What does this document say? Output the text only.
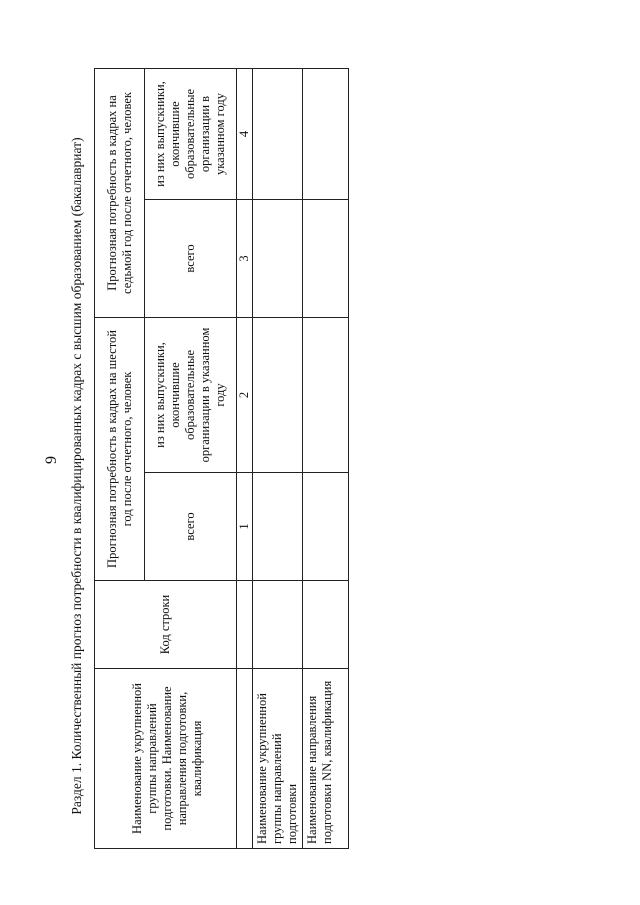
9 Раздел 1. Количественный прогноз потребности в квалифицированных кадрах с высшим образованием (бакалавриат)	Наименование укрупненной группы направлений подготовки. Наименование направления подготовки, квалификация	Код строки	Прогнозная потребность в кадрах на шестой год после отчетного, человек		Прогнозная потребность в кадрах на седьмой год после отчетного, человек	
		всего	из них выпускники, окончившие образовательные организации в указанном году	всего	из них выпускники, окончившие образовательные организации в указанном году
		1	2	3	4
Наименование укрупненной группы направлений подготовки					
Наименование направления подготовки NN, квалификация					
